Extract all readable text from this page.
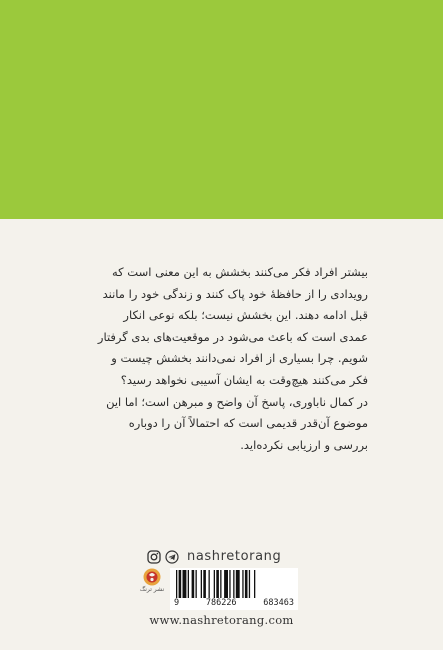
بیشتر افراد فکر می‌کنند بخشش به این معنی است که
رویدادی را از حافظهٔ خود پاک کنند و زندگی خود را مانند
قبل ادامه دهند. این بخشش نیست؛ بلکه نوعی انکار
عمدی است که باعث می‌شود در موقعیت‌های بدی گرفتار
شویم. چرا بسیاری از افراد نمی‌دانند بخشش چیست و
فکر می‌کنند هیچ‌وقت به ایشان آسیبی نخواهد رسید؟
در کمال ناباوری، پاسخ آن واضح و مبرهن است؛ اما این
موضوع آن‌قدر قدیمی است که احتمالاً آن را دوباره
بررسی و ارزیابی نکرده‌اید.
nashretorang
نشر ترنگ
9	786226	683463
www.nashretorang.com
